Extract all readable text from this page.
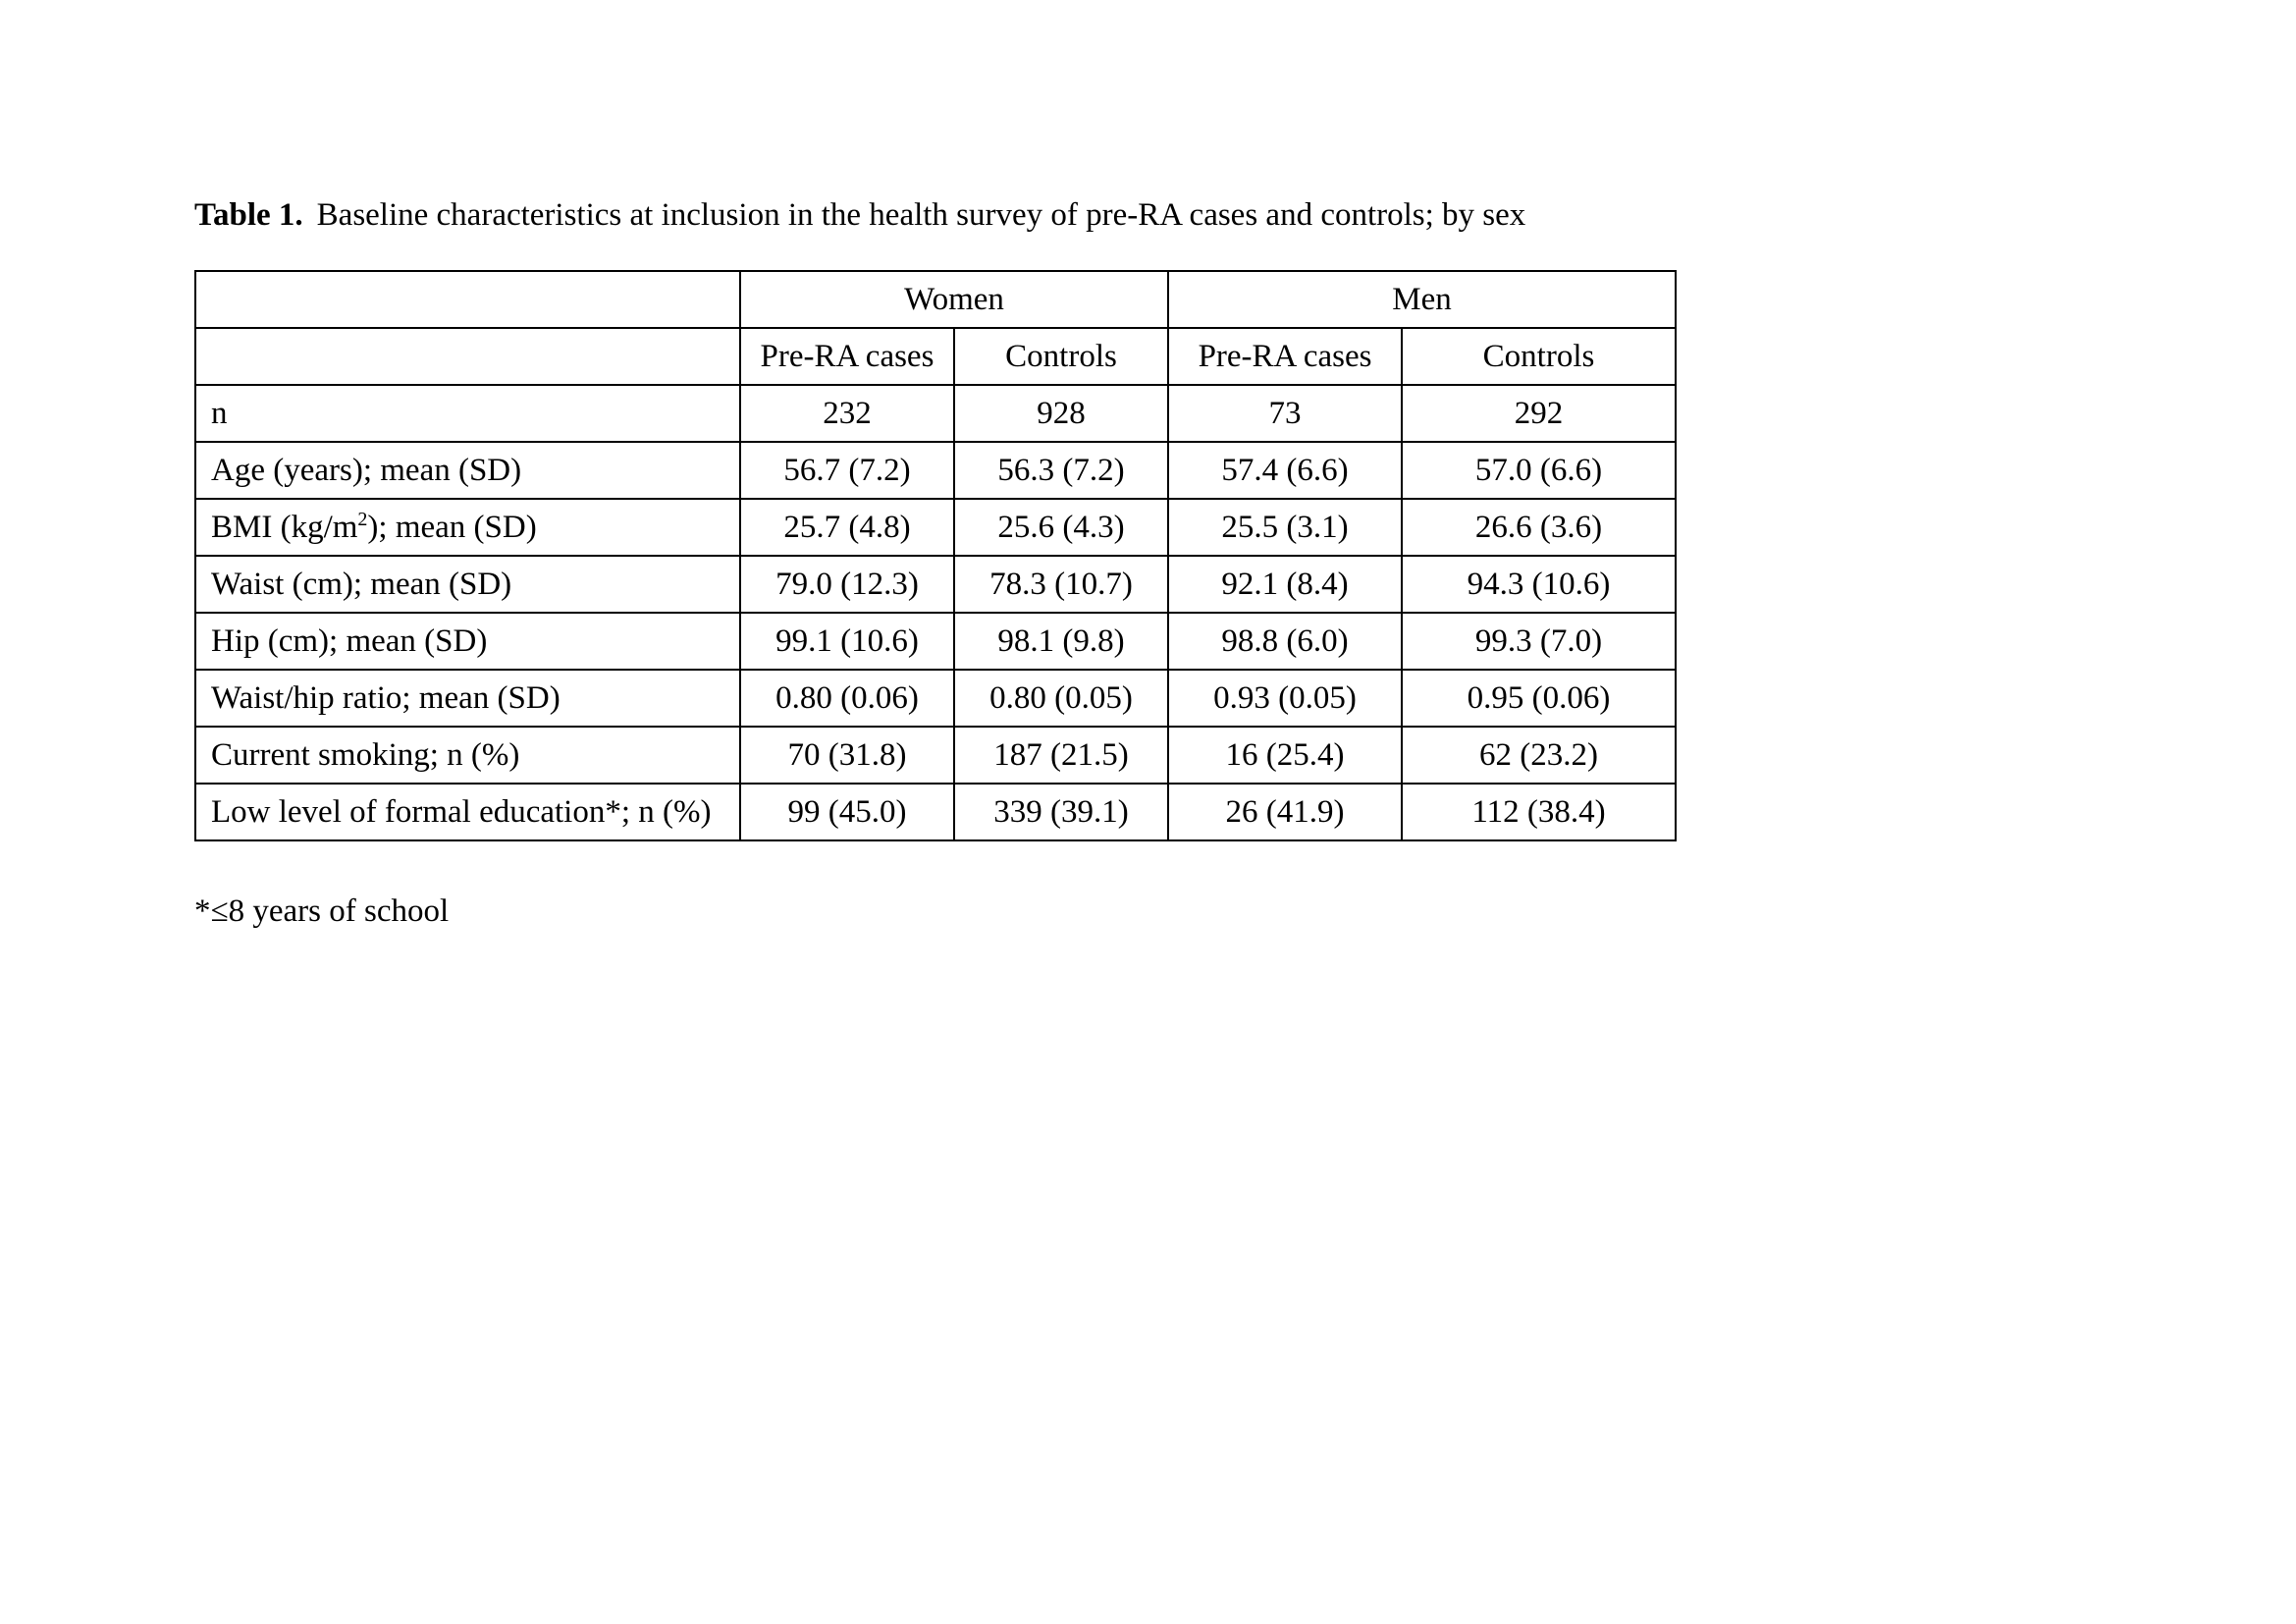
Table 1. Baseline characteristics at inclusion in the health survey of pre-RA cases and controls; by sex
	Women		Men	
	Pre-RA cases	Controls	Pre-RA cases	Controls
n	232	928	73	292
Age (years); mean (SD)	56.7 (7.2)	56.3 (7.2)	57.4 (6.6)	57.0 (6.6)
BMI $(kg/m^2)$; mean (SD)	25.7 (4.8)	25.6 (4.3)	25.5 (3.1)	26.6 (3.6)
Waist (cm); mean (SD)	79.0 (12.3)	78.3 (10.7)	92.1 (8.4)	94.3 (10.6)
Hip (cm); mean (SD)	99.1 (10.6)	98.1 (9.8)	98.8 (6.0)	99.3 (7.0)
Waist/hip ratio; mean (SD)	0.80 (0.06)	0.80 (0.05)	0.93 (0.05)	0.95 (0.06)
Current smoking; n (%)	70 (31.8)	187 (21.5)	16 (25.4)	62 (23.2)
Low level of formal education*; n (%)	99 (45.0)	339 (39.1)	26 (41.9)	112 (38.4)
*≤8 years of school
